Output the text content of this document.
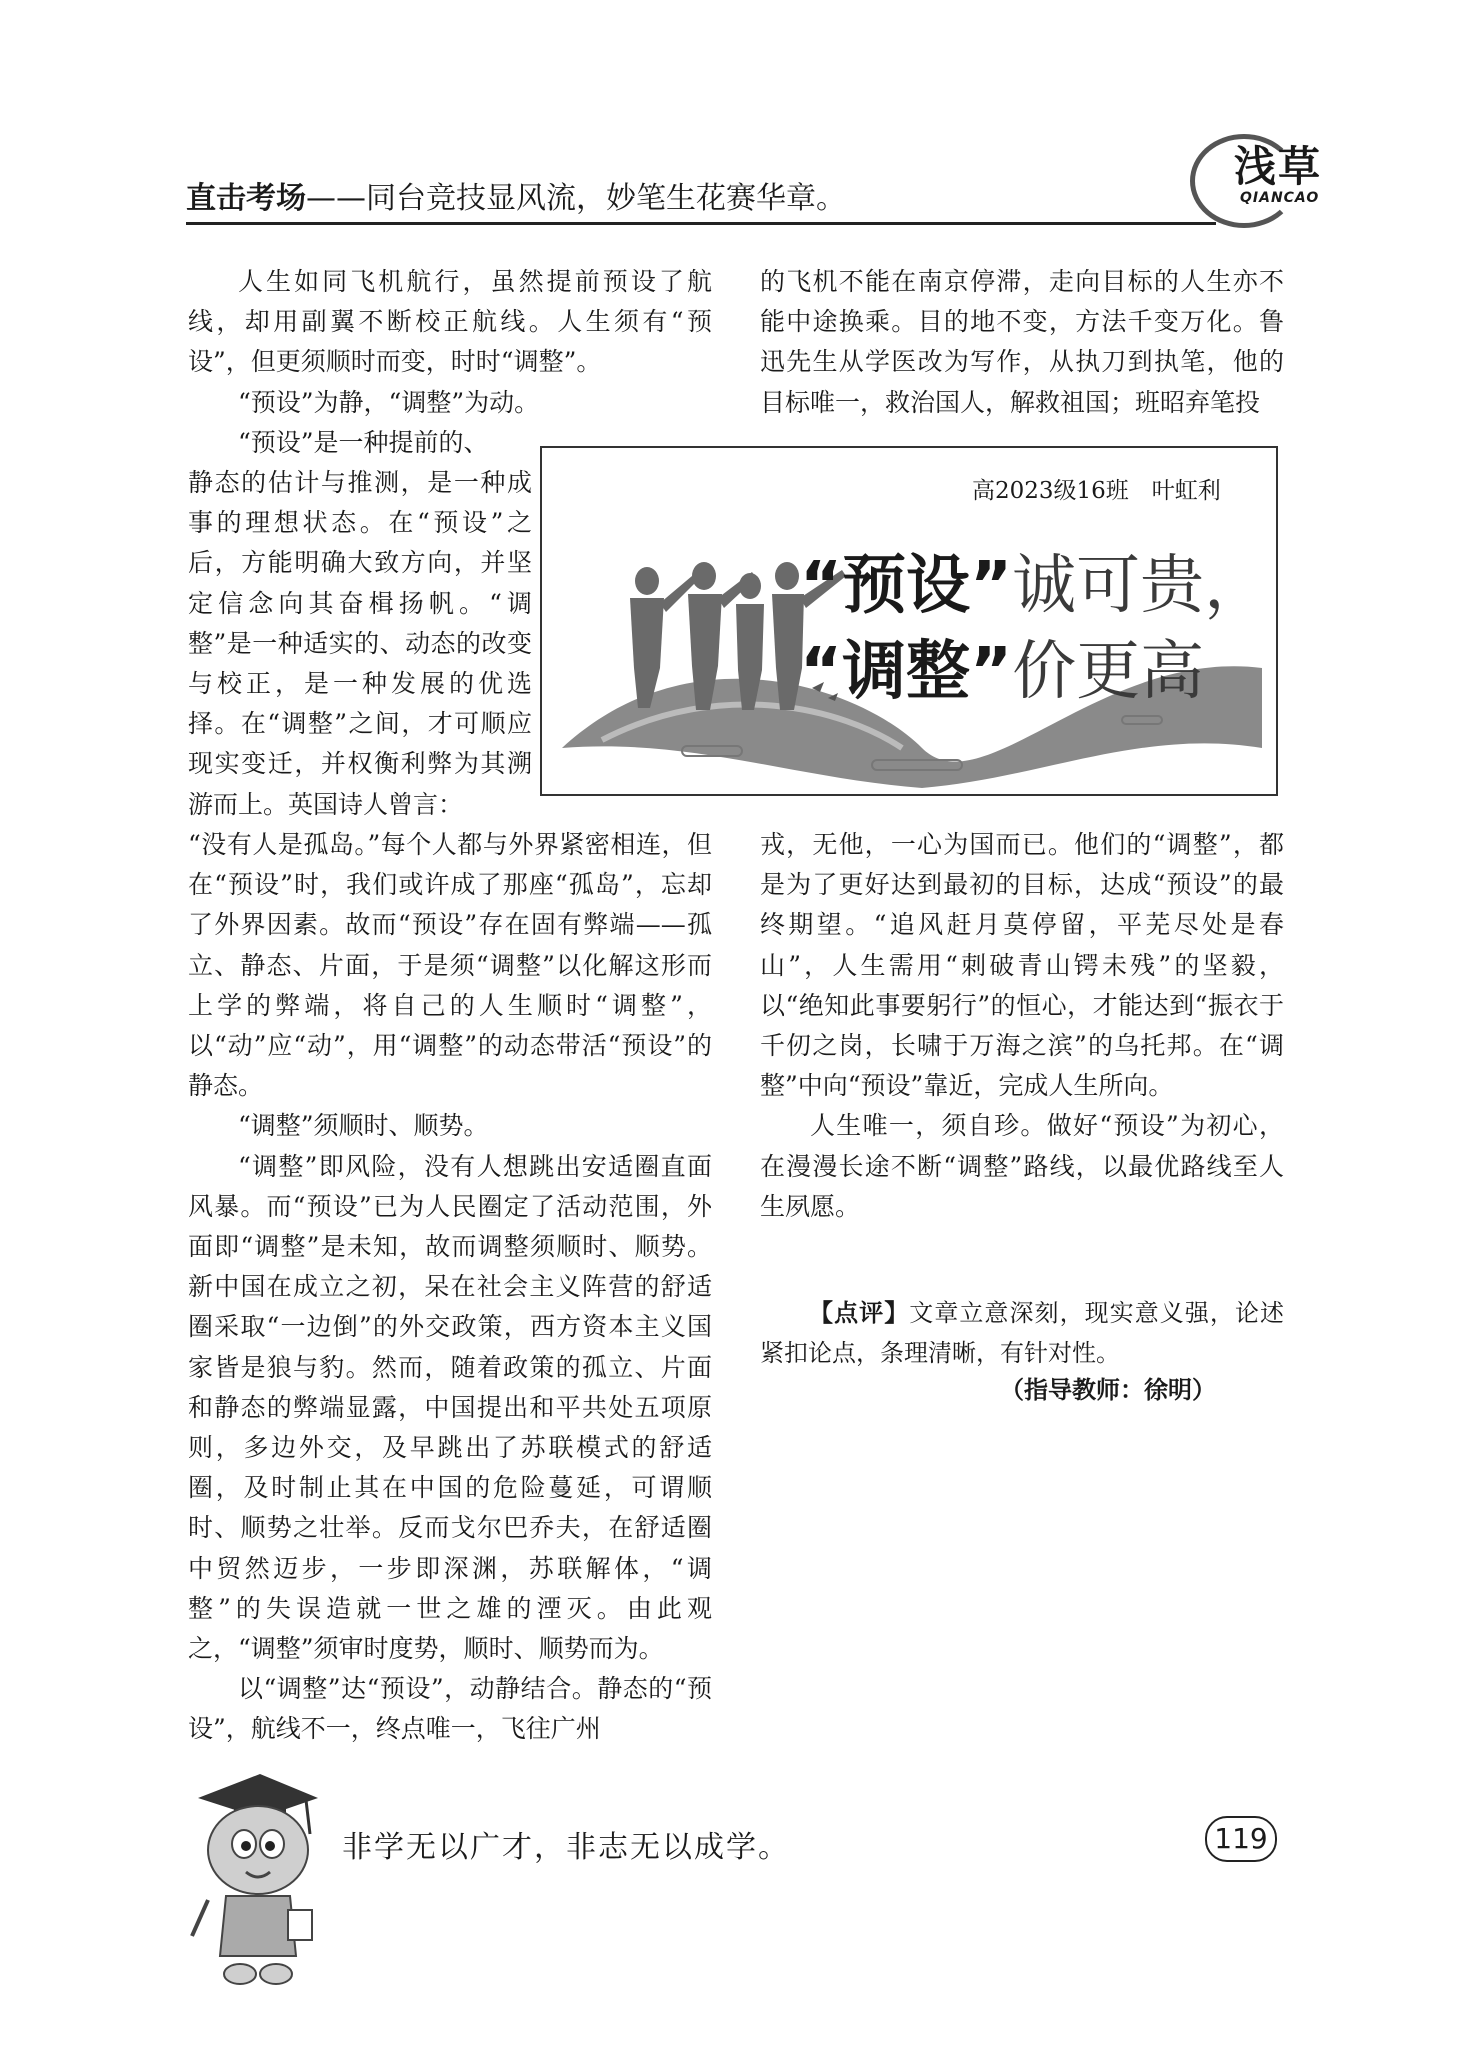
直击考场——同台竞技显风流，妙笔生花赛华章。
浅草
QIANCAO

人生如同飞机航行，虽然提前预设了航线，却用副翼不断校正航线。人生须有“预设”，但更须顺时而变，时时“调整”。

“预设”为静，“调整”为动。

“预设”是一种提前的、

静态的估计与推测，是一种成事的理想状态。在“预设”之后，方能明确大致方向，并坚定信念向其奋楫扬帆。“调整”是一种适实的、动态的改变与校正，是一种发展的优选择。在“调整”之间，才可顺应现实变迁，并权衡利弊为其溯游而上。英国诗人曾言：

“没有人是孤岛。”每个人都与外界紧密相连，但在“预设”时，我们或许成了那座“孤岛”，忘却了外界因素。故而“预设”存在固有弊端——孤立、静态、片面，于是须“调整”以化解这形而上学的弊端，将自己的人生顺时“调整”，以“动”应“动”，用“调整”的动态带活“预设”的静态。

“调整”须顺时、顺势。

“调整”即风险，没有人想跳出安适圈直面风暴。而“预设”已为人民圈定了活动范围，外面即“调整”是未知，故而调整须顺时、顺势。新中国在成立之初，呆在社会主义阵营的舒适圈采取“一边倒”的外交政策，西方资本主义国家皆是狼与豹。然而，随着政策的孤立、片面和静态的弊端显露，中国提出和平共处五项原则，多边外交，及早跳出了苏联模式的舒适圈，及时制止其在中国的危险蔓延，可谓顺时、顺势之壮举。反而戈尔巴乔夫，在舒适圈中贸然迈步，一步即深渊，苏联解体，“调整”的失误造就一世之雄的湮灭。由此观之，“调整”须审时度势，顺时、顺势而为。

以“调整”达“预设”，动静结合。静态的“预设”，航线不一，终点唯一，飞往广州

的飞机不能在南京停滞，走向目标的人生亦不能中途换乘。目的地不变，方法千变万化。鲁迅先生从学医改为写作，从执刀到执笔，他的目标唯一，救治国人，解救祖国；班昭弃笔投

高2023级16班　叶虹利
“预设”诚可贵，
“调整”价更高

戎，无他，一心为国而已。他们的“调整”，都是为了更好达到最初的目标，达成“预设”的最终期望。“追风赶月莫停留，平芜尽处是春山”，人生需用“刺破青山锷未残”的坚毅，以“绝知此事要躬行”的恒心，才能达到“振衣于千仞之岗，长啸于万海之滨”的乌托邦。在“调整”中向“预设”靠近，完成人生所向。

人生唯一，须自珍。做好“预设”为初心，在漫漫长途不断“调整”路线，以最优路线至人生夙愿。

【点评】文章立意深刻，现实意义强，论述紧扣论点，条理清晰，有针对性。
（指导教师：徐明）
非学无以广才，非志无以成学。	119
